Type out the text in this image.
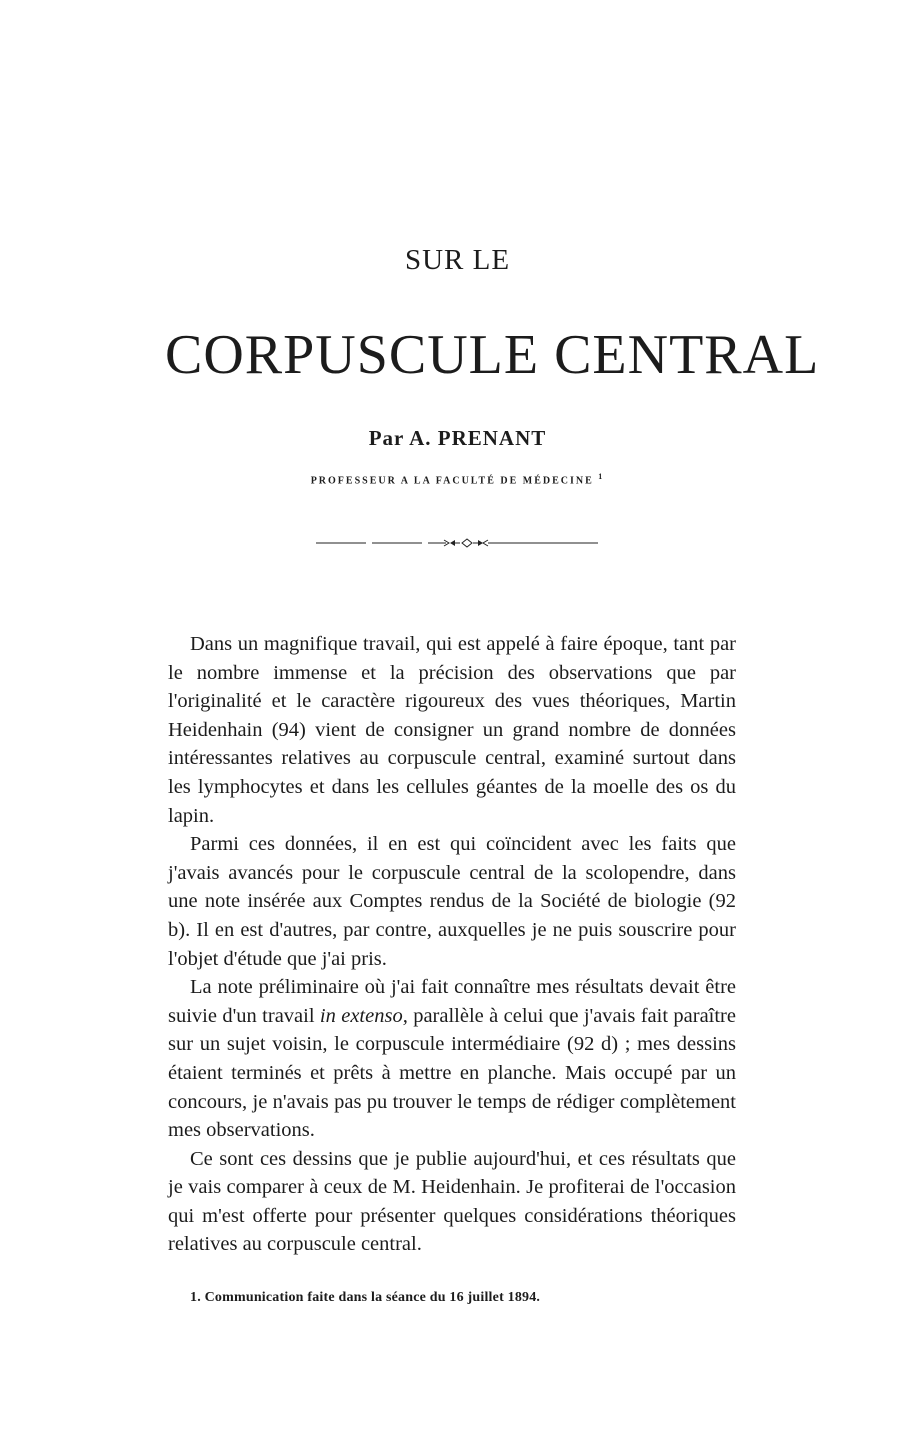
SUR LE
CORPUSCULE CENTRAL
Par A. PRENANT
PROFESSEUR A LA FACULTÉ DE MÉDECINE $^1$

Dans un magnifique travail, qui est appelé à faire époque, tant par le nombre immense et la précision des observations que par l'originalité et le caractère rigoureux des vues théoriques, Martin Heidenhain (94) vient de consigner un grand nombre de données intéressantes relatives au corpuscule central, examiné surtout dans les lymphocytes et dans les cellules géantes de la moelle des os du lapin.

Parmi ces données, il en est qui coïncident avec les faits que j'avais avancés pour le corpuscule central de la scolopendre, dans une note insérée aux Comptes rendus de la Société de biologie (92 b). Il en est d'autres, par contre, auxquelles je ne puis souscrire pour l'objet d'étude que j'ai pris.

La note préliminaire où j'ai fait connaître mes résultats devait être suivie d'un travail in extenso, parallèle à celui que j'avais fait paraître sur un sujet voisin, le corpuscule intermédiaire (92 d) ; mes dessins étaient terminés et prêts à mettre en planche. Mais occupé par un concours, je n'avais pas pu trouver le temps de rédiger complètement mes observations.

Ce sont ces dessins que je publie aujourd'hui, et ces résultats que je vais comparer à ceux de M. Heidenhain. Je profiterai de l'occasion qui m'est offerte pour présenter quelques considérations théoriques relatives au corpuscule central.

1. Communication faite dans la séance du 16 juillet 1894.
